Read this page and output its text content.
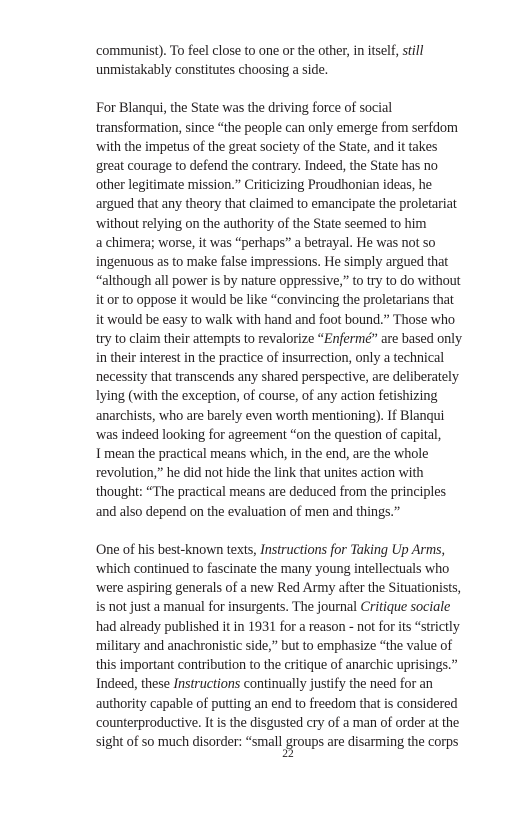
communist). To feel close to one or the other, in itself, still
unmistakably constitutes choosing a side.
For Blanqui, the State was the driving force of social
transformation, since “the people can only emerge from serfdom
with the impetus of the great society of the State, and it takes
great courage to defend the contrary. Indeed, the State has no
other legitimate mission.” Criticizing Proudhonian ideas, he
argued that any theory that claimed to emancipate the proletariat
without relying on the authority of the State seemed to him
a chimera; worse, it was “perhaps” a betrayal. He was not so
ingenuous as to make false impressions. He simply argued that
“although all power is by nature oppressive,” to try to do without
it or to oppose it would be like “convincing the proletarians that
it would be easy to walk with hand and foot bound.” Those who
try to claim their attempts to revalorize “Enfermé” are based only
in their interest in the practice of insurrection, only a technical
necessity that transcends any shared perspective, are deliberately
lying (with the exception, of course, of any action fetishizing
anarchists, who are barely even worth mentioning). If Blanqui
was indeed looking for agreement “on the question of capital,
I mean the practical means which, in the end, are the whole
revolution,” he did not hide the link that unites action with
thought: “The practical means are deduced from the principles
and also depend on the evaluation of men and things.”
One of his best-known texts, Instructions for Taking Up Arms,
which continued to fascinate the many young intellectuals who
were aspiring generals of a new Red Army after the Situationists,
is not just a manual for insurgents. The journal Critique sociale
had already published it in 1931 for a reason - not for its “strictly
military and anachronistic side,” but to emphasize “the value of
this important contribution to the critique of anarchic uprisings.”
Indeed, these Instructions continually justify the need for an
authority capable of putting an end to freedom that is considered
counterproductive. It is the disgusted cry of a man of order at the
sight of so much disorder: “small groups are disarming the corps
22
